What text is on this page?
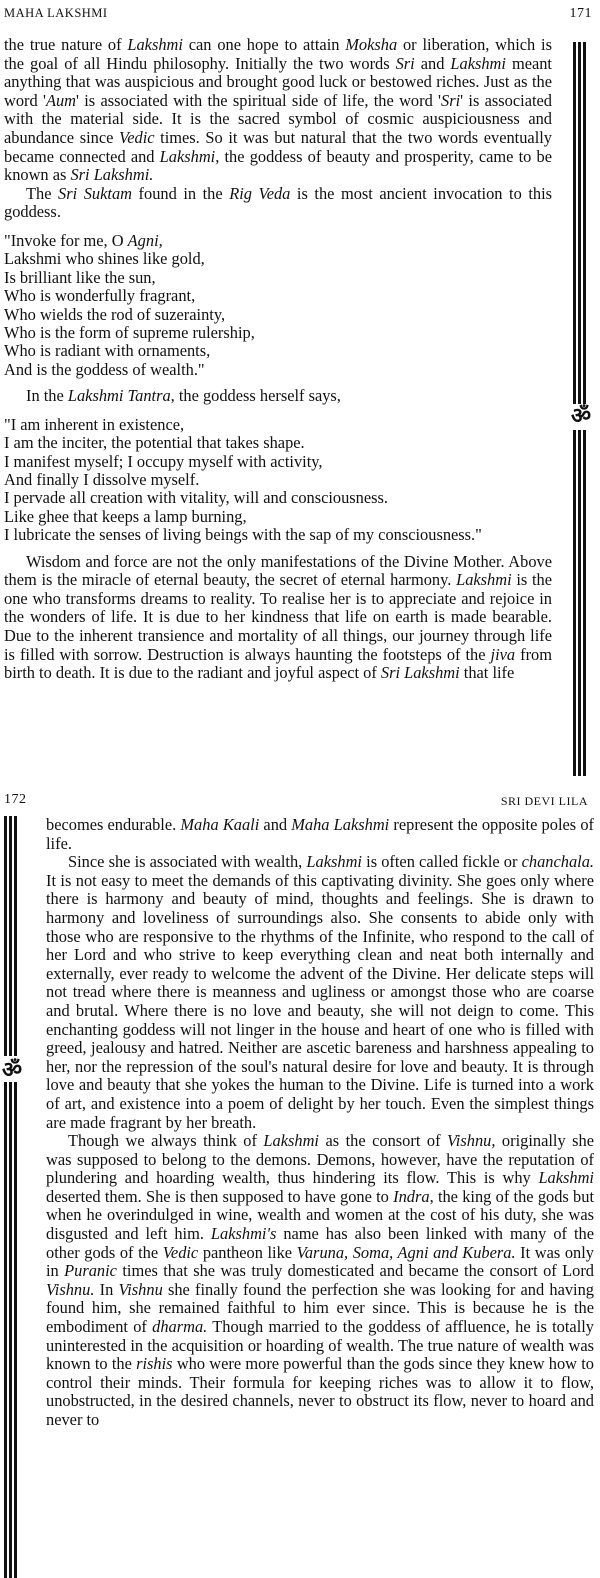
MAHA LAKSHMI	171

the true nature of Lakshmi can one hope to attain Moksha or liberation, which is the goal of all Hindu philosophy. Initially the two words Sri and Lakshmi meant anything that was auspicious and brought good luck or bestowed riches. Just as the word 'Aum' is associated with the spiritual side of life, the word 'Sri' is associated with the material side. It is the sacred symbol of cosmic auspiciousness and abundance since Vedic times. So it was but natural that the two words eventually became connected and Lakshmi, the goddess of beauty and prosperity, came to be known as Sri Lakshmi.

The Sri Suktam found in the Rig Veda is the most ancient invocation to this goddess.

"Invoke for me, O Agni,
Lakshmi who shines like gold,
Is brilliant like the sun,
Who is wonderfully fragrant,
Who wields the rod of suzerainty,
Who is the form of supreme rulership,
Who is radiant with ornaments,
And is the goddess of wealth."

In the Lakshmi Tantra, the goddess herself says,

"I am inherent in existence,
I am the inciter, the potential that takes shape.
I manifest myself; I occupy myself with activity,
And finally I dissolve myself.
I pervade all creation with vitality, will and consciousness.
Like ghee that keeps a lamp burning,
I lubricate the senses of living beings with the sap of my consciousness."

Wisdom and force are not the only manifestations of the Divine Mother. Above them is the miracle of eternal beauty, the secret of eternal harmony. Lakshmi is the one who transforms dreams to reality. To realise her is to appreciate and rejoice in the wonders of life. It is due to her kindness that life on earth is made bearable. Due to the inherent transience and mortality of all things, our journey through life is filled with sorrow. Destruction is always haunting the footsteps of the jiva from birth to death. It is due to the radiant and joyful aspect of Sri Lakshmi that life

ॐ
172	SRI DEVI LILA

becomes endurable. Maha Kaali and Maha Lakshmi represent the opposite poles of life.

Since she is associated with wealth, Lakshmi is often called fickle or chanchala. It is not easy to meet the demands of this captivating divinity. She goes only where there is harmony and beauty of mind, thoughts and feelings. She is drawn to harmony and loveliness of surroundings also. She consents to abide only with those who are responsive to the rhythms of the Infinite, who respond to the call of her Lord and who strive to keep everything clean and neat both internally and externally, ever ready to welcome the advent of the Divine. Her delicate steps will not tread where there is meanness and ugliness or amongst those who are coarse and brutal. Where there is no love and beauty, she will not deign to come. This enchanting goddess will not linger in the house and heart of one who is filled with greed, jealousy and hatred. Neither are ascetic bareness and harshness appealing to her, nor the repression of the soul's natural desire for love and beauty. It is through love and beauty that she yokes the human to the Divine. Life is turned into a work of art, and existence into a poem of delight by her touch. Even the simplest things are made fragrant by her breath.

Though we always think of Lakshmi as the consort of Vishnu, originally she was supposed to belong to the demons. Demons, however, have the reputation of plundering and hoarding wealth, thus hindering its flow. This is why Lakshmi deserted them. She is then supposed to have gone to Indra, the king of the gods but when he overindulged in wine, wealth and women at the cost of his duty, she was disgusted and left him. Lakshmi's name has also been linked with many of the other gods of the Vedic pantheon like Varuna, Soma, Agni and Kubera. It was only in Puranic times that she was truly domesticated and became the consort of Lord Vishnu. In Vishnu she finally found the perfection she was looking for and having found him, she remained faithful to him ever since. This is because he is the embodiment of dharma. Though married to the goddess of affluence, he is totally uninterested in the acquisition or hoarding of wealth. The true nature of wealth was known to the rishis who were more powerful than the gods since they knew how to control their minds. Their formula for keeping riches was to allow it to flow, unobstructed, in the desired channels, never to obstruct its flow, never to hoard and never to

ॐ
